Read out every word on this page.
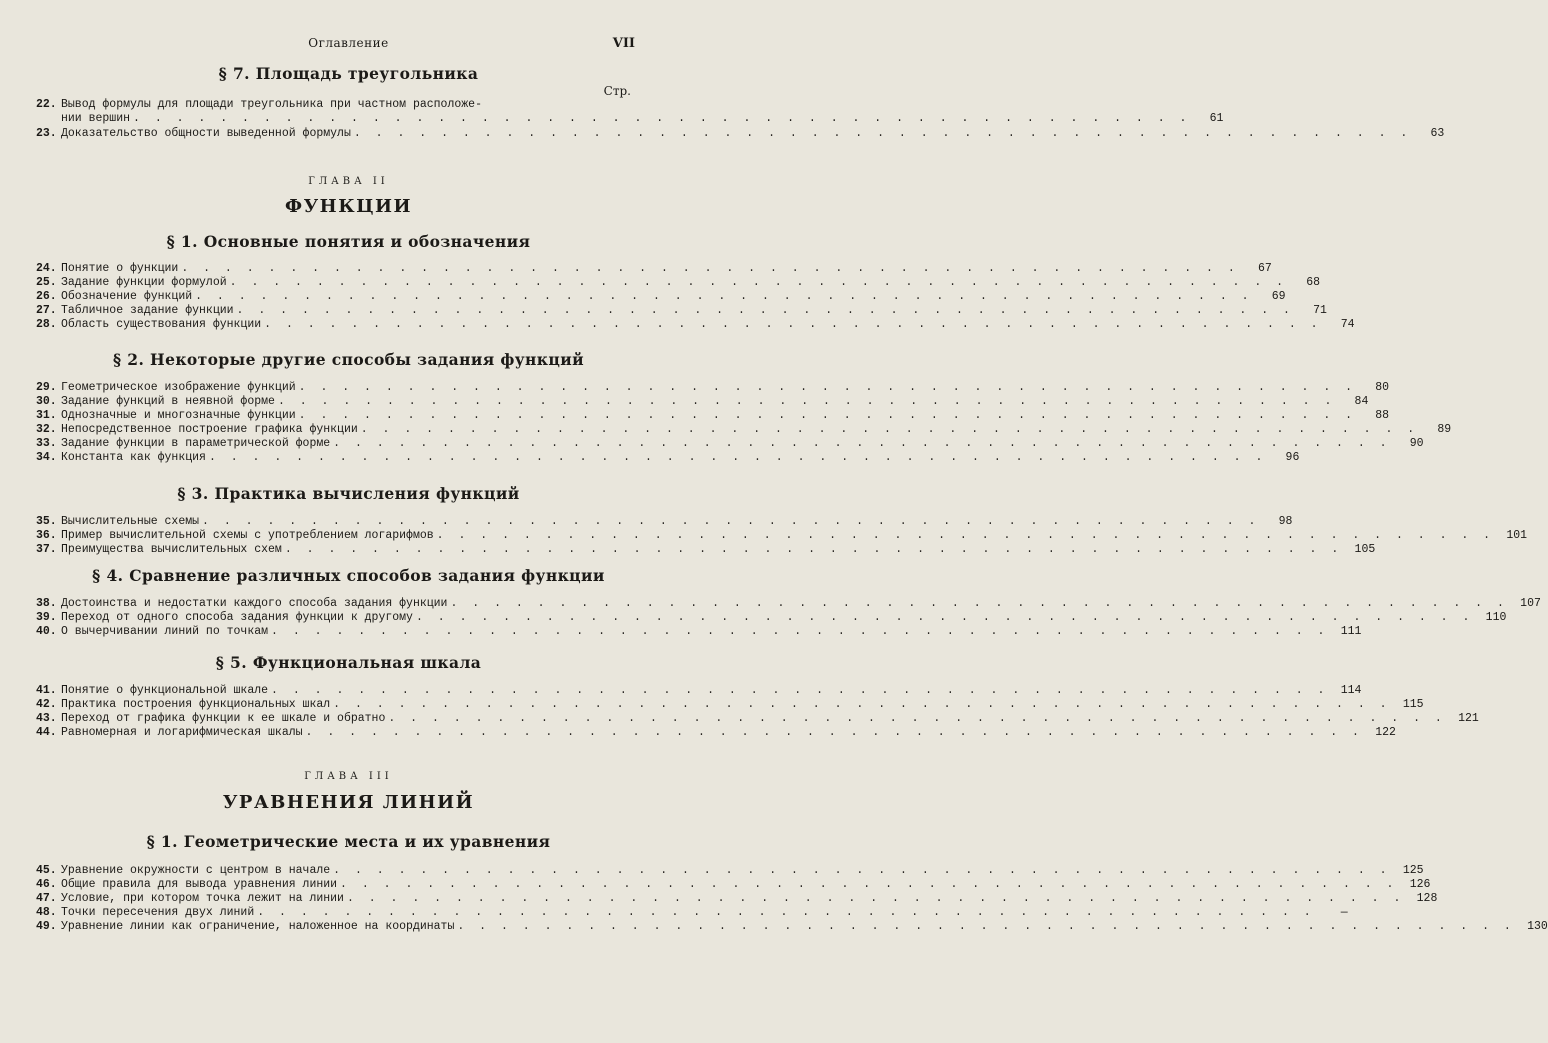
Оглавление	VII
§ 7. Площадь треугольника
Стр.
22. Вывод формулы для площади треугольника при частном расположе-
нии вершин . . . . . . . . . . . . . . . . . . . . . . . . . . . . . . . . . . . . . . . . . . . . . . . . .	61
23. Доказательство общности выведенной формулы . . . . . . . . . . . . . . . . . . . . . . . . . . . . . . . . . . . . . . . . . . . . . . . . .	63
ГЛАВА II
ФУНКЦИИ
§ 1. Основные понятия и обозначения
24. Понятие о функции . . . . . . . . . . . . . . . . . . . . . . . . . . . . . . . . . . . . . . . . . . . . . . . . .	67
25. Задание функции формулой . . . . . . . . . . . . . . . . . . . . . . . . . . . . . . . . . . . . . . . . . . . . . . . . .	68
26. Обозначение функций . . . . . . . . . . . . . . . . . . . . . . . . . . . . . . . . . . . . . . . . . . . . . . . . .	69
27. Табличное задание функции . . . . . . . . . . . . . . . . . . . . . . . . . . . . . . . . . . . . . . . . . . . . . . . . .	71
28. Область существования функции . . . . . . . . . . . . . . . . . . . . . . . . . . . . . . . . . . . . . . . . . . . . . . . . .	74
§ 2. Некоторые другие способы задания функций
29. Геометрическое изображение функций . . . . . . . . . . . . . . . . . . . . . . . . . . . . . . . . . . . . . . . . . . . . . . . . .	80
30. Задание функций в неявной форме . . . . . . . . . . . . . . . . . . . . . . . . . . . . . . . . . . . . . . . . . . . . . . . . .	84
31. Однозначные и многозначные функции . . . . . . . . . . . . . . . . . . . . . . . . . . . . . . . . . . . . . . . . . . . . . . . . .	88
32. Непосредственное построение графика функции . . . . . . . . . . . . . . . . . . . . . . . . . . . . . . . . . . . . . . . . . . . . . . . . .	89
33. Задание функции в параметрической форме . . . . . . . . . . . . . . . . . . . . . . . . . . . . . . . . . . . . . . . . . . . . . . . . .	90
34. Константа как функция . . . . . . . . . . . . . . . . . . . . . . . . . . . . . . . . . . . . . . . . . . . . . . . . .	96
§ 3. Практика вычисления функций
35. Вычислительные схемы . . . . . . . . . . . . . . . . . . . . . . . . . . . . . . . . . . . . . . . . . . . . . . . . .	98
36. Пример вычислительной схемы с употреблением логарифмов . . . . . . . . . . . . . . . . . . . . . . . . . . . . . . . . . . . . . . . . . . . . . . . . .	101
37. Преимущества вычислительных схем . . . . . . . . . . . . . . . . . . . . . . . . . . . . . . . . . . . . . . . . . . . . . . . . .	105
§ 4. Сравнение различных способов задания функции
38. Достоинства и недостатки каждого способа задания функции . . . . . . . . . . . . . . . . . . . . . . . . . . . . . . . . . . . . . . . . . . . . . . . . .	107
39. Переход от одного способа задания функции к другому . . . . . . . . . . . . . . . . . . . . . . . . . . . . . . . . . . . . . . . . . . . . . . . . .	110
40. О вычерчивании линий по точкам . . . . . . . . . . . . . . . . . . . . . . . . . . . . . . . . . . . . . . . . . . . . . . . . .	111
§ 5. Функциональная шкала
41. Понятие о функциональной шкале . . . . . . . . . . . . . . . . . . . . . . . . . . . . . . . . . . . . . . . . . . . . . . . . .	114
42. Практика построения функциональных шкал . . . . . . . . . . . . . . . . . . . . . . . . . . . . . . . . . . . . . . . . . . . . . . . . .	115
43. Переход от графика функции к ее шкале и обратно . . . . . . . . . . . . . . . . . . . . . . . . . . . . . . . . . . . . . . . . . . . . . . . . .	121
44. Равномерная и логарифмическая шкалы . . . . . . . . . . . . . . . . . . . . . . . . . . . . . . . . . . . . . . . . . . . . . . . . .	122
ГЛАВА III
УРАВНЕНИЯ ЛИНИЙ
§ 1. Геометрические места и их уравнения
45. Уравнение окружности с центром в начале . . . . . . . . . . . . . . . . . . . . . . . . . . . . . . . . . . . . . . . . . . . . . . . . .	125
46. Общие правила для вывода уравнения линии . . . . . . . . . . . . . . . . . . . . . . . . . . . . . . . . . . . . . . . . . . . . . . . . .	126
47. Условие, при котором точка лежит на линии . . . . . . . . . . . . . . . . . . . . . . . . . . . . . . . . . . . . . . . . . . . . . . . . .	128
48. Точки пересечения двух линий . . . . . . . . . . . . . . . . . . . . . . . . . . . . . . . . . . . . . . . . . . . . . . . . .	—
49. Уравнение линии как ограничение, наложенное на координаты . . . . . . . . . . . . . . . . . . . . . . . . . . . . . . . . . . . . . . . . . . . . . . . . .	130
